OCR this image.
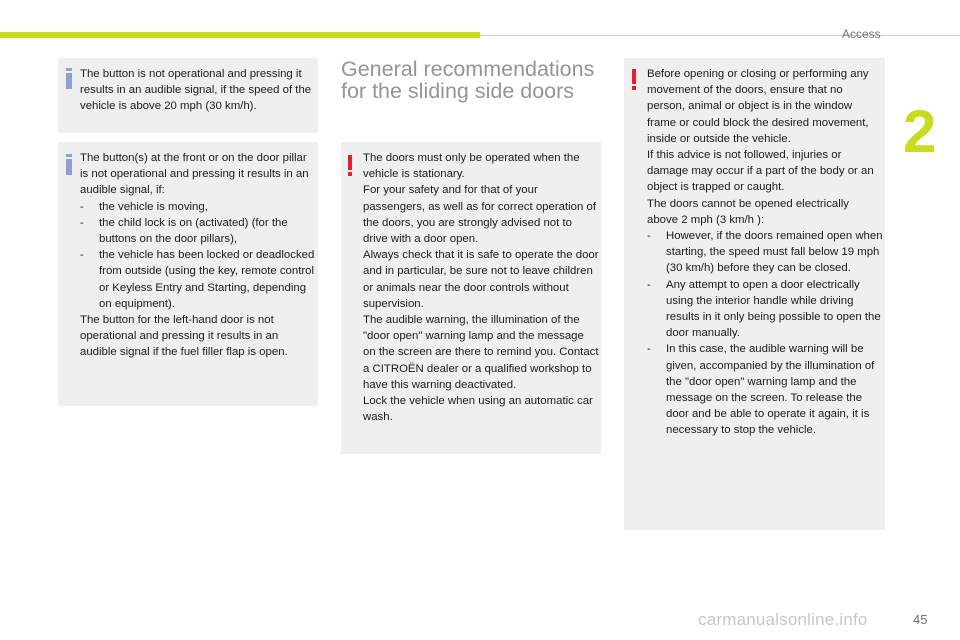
Access
2

The button is not operational and pressing it results in an audible signal, if the speed of the vehicle is above 20 mph (30 km/h).

The button(s) at the front or on the door pillar is not operational and pressing it results in an audible signal, if:

- the vehicle is moving,
- the child lock is on (activated) (for the buttons on the door pillars),
- the vehicle has been locked or deadlocked from outside (using the key, remote control or Keyless Entry and Starting, depending on equipment).

The button for the left-hand door is not operational and pressing it results in an audible signal if the fuel filler flap is open.

General recommendations for the sliding side doors

The doors must only be operated when the vehicle is stationary.

For your safety and for that of your passengers, as well as for correct operation of the doors, you are strongly advised not to drive with a door open.

Always check that it is safe to operate the door and in particular, be sure not to leave children or animals near the door controls without supervision.

The audible warning, the illumination of the "door open" warning lamp and the message on the screen are there to remind you. Contact a CITROËN dealer or a qualified workshop to have this warning deactivated.

Lock the vehicle when using an automatic car wash.

Before opening or closing or performing any movement of the doors, ensure that no person, animal or object is in the window frame or could block the desired movement, inside or outside the vehicle.

If this advice is not followed, injuries or damage may occur if a part of the body or an object is trapped or caught.

The doors cannot be opened electrically above 2 mph (3 km/h ):

- However, if the doors remained open when starting, the speed must fall below 19 mph (30 km/h) before they can be closed.
- Any attempt to open a door electrically using the interior handle while driving results in it only being possible to open the door manually.
- In this case, the audible warning will be given, accompanied by the illumination of the "door open" warning lamp and the message on the screen. To release the door and be able to operate it again, it is necessary to stop the vehicle.
carmanualsonline.info	45
